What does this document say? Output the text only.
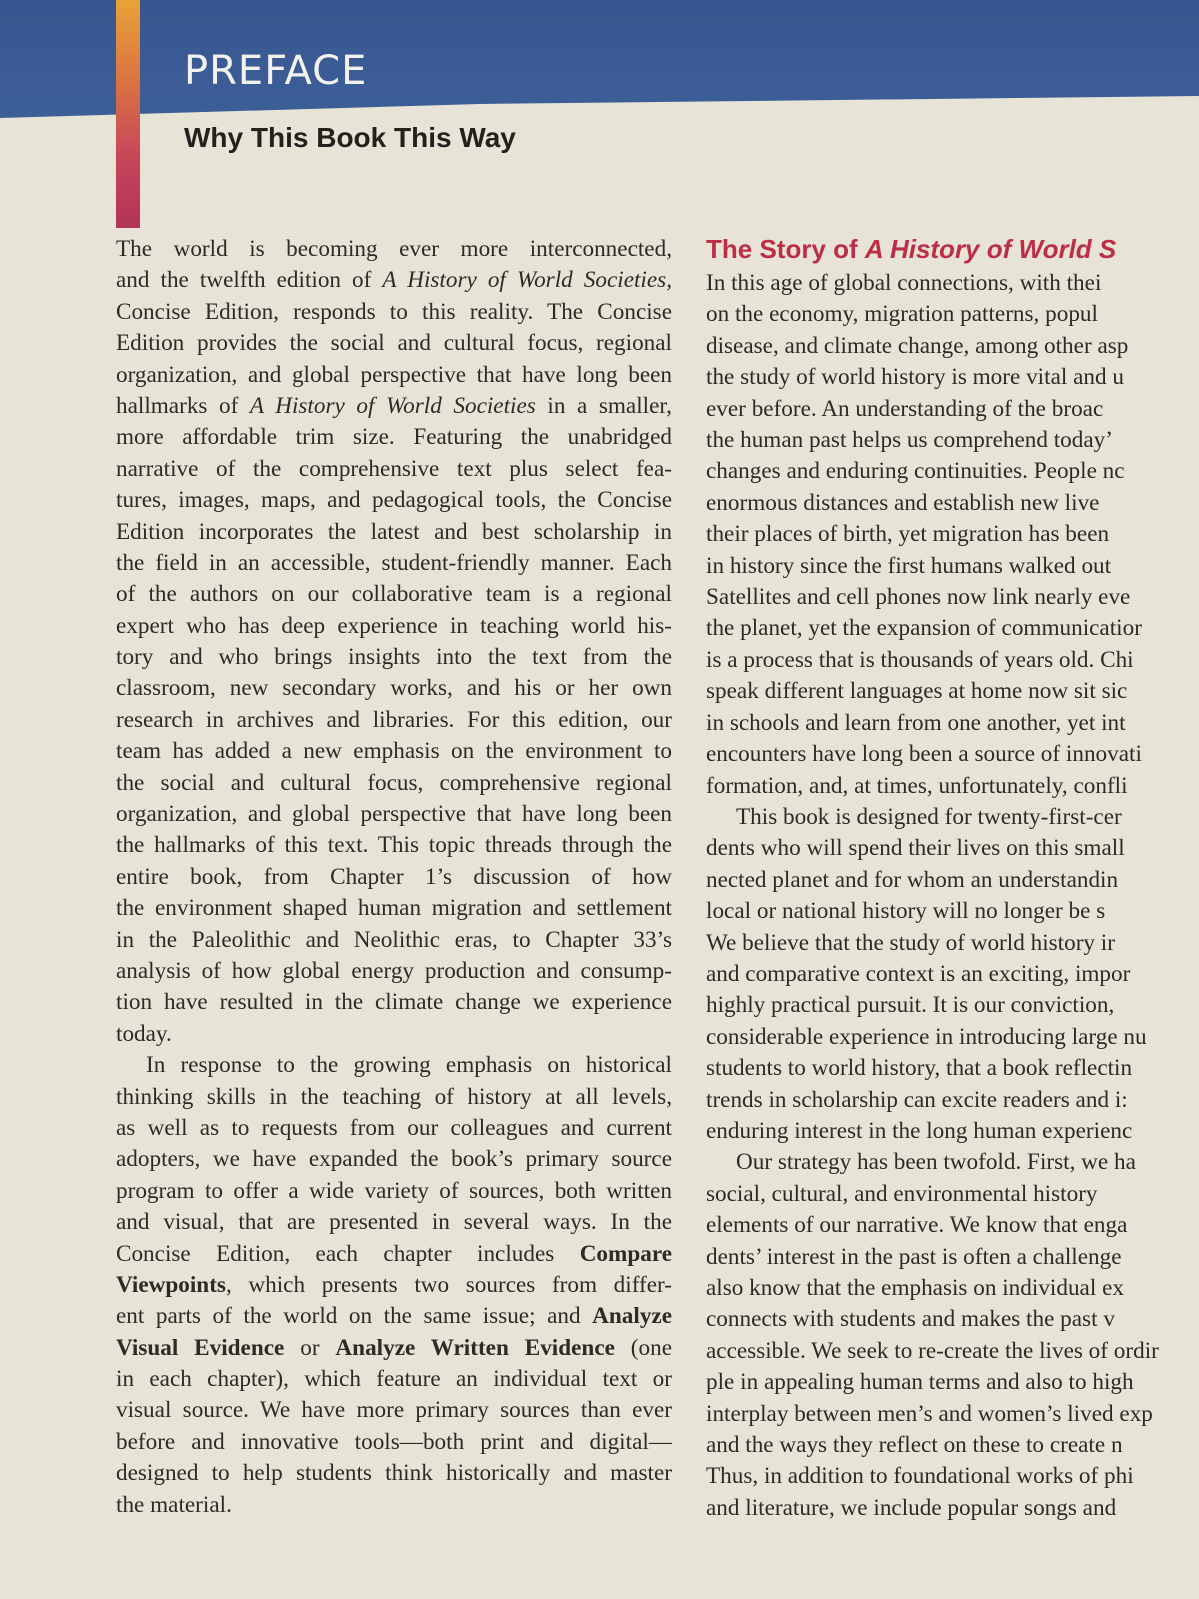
PREFACE
Why This Book This Way
The world is becoming ever more interconnected,
and the twelfth edition of A History of World Societies,
Concise Edition, responds to this reality. The Concise
Edition provides the social and cultural focus, regional
organization, and global perspective that have long been
hallmarks of A History of World Societies in a smaller,
more affordable trim size. Featuring the unabridged
narrative of the comprehensive text plus select fea-
tures, images, maps, and pedagogical tools, the Concise
Edition incorporates the latest and best scholarship in
the field in an accessible, student-friendly manner. Each
of the authors on our collaborative team is a regional
expert who has deep experience in teaching world his-
tory and who brings insights into the text from the
classroom, new secondary works, and his or her own
research in archives and libraries. For this edition, our
team has added a new emphasis on the environment to
the social and cultural focus, comprehensive regional
organization, and global perspective that have long been
the hallmarks of this text. This topic threads through the
entire book, from Chapter 1’s discussion of how
the environment shaped human migration and settlement
in the Paleolithic and Neolithic eras, to Chapter 33’s
analysis of how global energy production and consump-
tion have resulted in the climate change we experience
today.
In response to the growing emphasis on historical
thinking skills in the teaching of history at all levels,
as well as to requests from our colleagues and current
adopters, we have expanded the book’s primary source
program to offer a wide variety of sources, both written
and visual, that are presented in several ways. In the
Concise Edition, each chapter includes Compare
Viewpoints, which presents two sources from differ-
ent parts of the world on the same issue; and Analyze
Visual Evidence or Analyze Written Evidence (one
in each chapter), which feature an individual text or
visual source. We have more primary sources than ever
before and innovative tools—both print and digital—
designed to help students think historically and master
the material.
The Story of A History of World S
In this age of global connections, with thei
on the economy, migration patterns, popul
disease, and climate change, among other asp
the study of world history is more vital and u
ever before. An understanding of the broac
the human past helps us comprehend today’
changes and enduring continuities. People nc
enormous distances and establish new live
their places of birth, yet migration has been
in history since the first humans walked out
Satellites and cell phones now link nearly eve
the planet, yet the expansion of communicatior
is a process that is thousands of years old. Chi
speak different languages at home now sit sic
in schools and learn from one another, yet int
encounters have long been a source of innovati
formation, and, at times, unfortunately, confli
This book is designed for twenty-first-cer
dents who will spend their lives on this small
nected planet and for whom an understandin
local or national history will no longer be s
We believe that the study of world history ir
and comparative context is an exciting, impor
highly practical pursuit. It is our conviction,
considerable experience in introducing large nu
students to world history, that a book reflectin
trends in scholarship can excite readers and i:
enduring interest in the long human experienc
Our strategy has been twofold. First, we ha
social, cultural, and environmental history
elements of our narrative. We know that enga
dents’ interest in the past is often a challenge
also know that the emphasis on individual ex
connects with students and makes the past v
accessible. We seek to re-create the lives of ordir
ple in appealing human terms and also to high
interplay between men’s and women’s lived exp
and the ways they reflect on these to create n
Thus, in addition to foundational works of phi
and literature, we include popular songs and
